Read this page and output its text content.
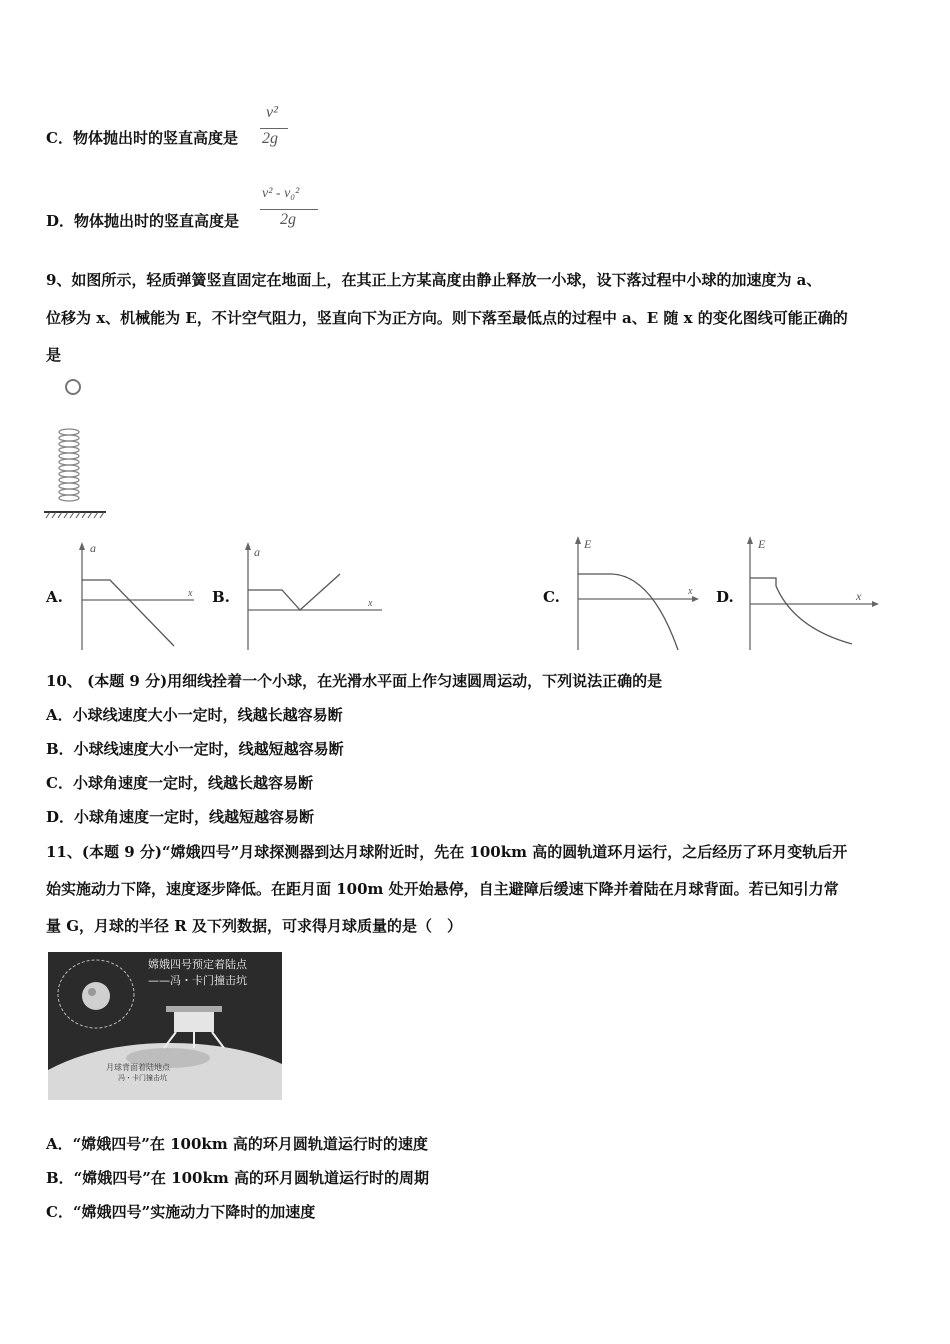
C．物体抛出时的竖直高度是
v²
2g
D．物体抛出时的竖直高度是
v² - v₀²
2g
9、如图所示，轻质弹簧竖直固定在地面上，在其正上方某高度由静止释放一小球，设下落过程中小球的加速度为 a、
位移为 x、机械能为 E，不计空气阻力，竖直向下为正方向。则下落至最低点的过程中 a、E 随 x 的变化图线可能正确的
是
A.	B.	C.	D.
a
x
a
x
E
x
E
x
10、 (本题 9 分)用细线拴着一个小球，在光滑水平面上作匀速圆周运动，下列说法正确的是
A．小球线速度大小一定时，线越长越容易断
B．小球线速度大小一定时，线越短越容易断
C．小球角速度一定时，线越长越容易断
D．小球角速度一定时，线越短越容易断
11、(本题 9 分)“嫦娥四号”月球探测器到达月球附近时，先在 100km 高的圆轨道环月运行，之后经历了环月变轨后开
始实施动力下降，速度逐步降低。在距月面 100m 处开始悬停，自主避障后缓速下降并着陆在月球背面。若已知引力常
量 G，月球的半径 R 及下列数据，可求得月球质量的是（　）
嫦娥四号预定着陆点
——冯・卡门撞击坑
月球背面着陆地点
冯・卡门撞击坑
A．“嫦娥四号”在 100km 高的环月圆轨道运行时的速度
B．“嫦娥四号”在 100km 高的环月圆轨道运行时的周期
C．“嫦娥四号”实施动力下降时的加速度
